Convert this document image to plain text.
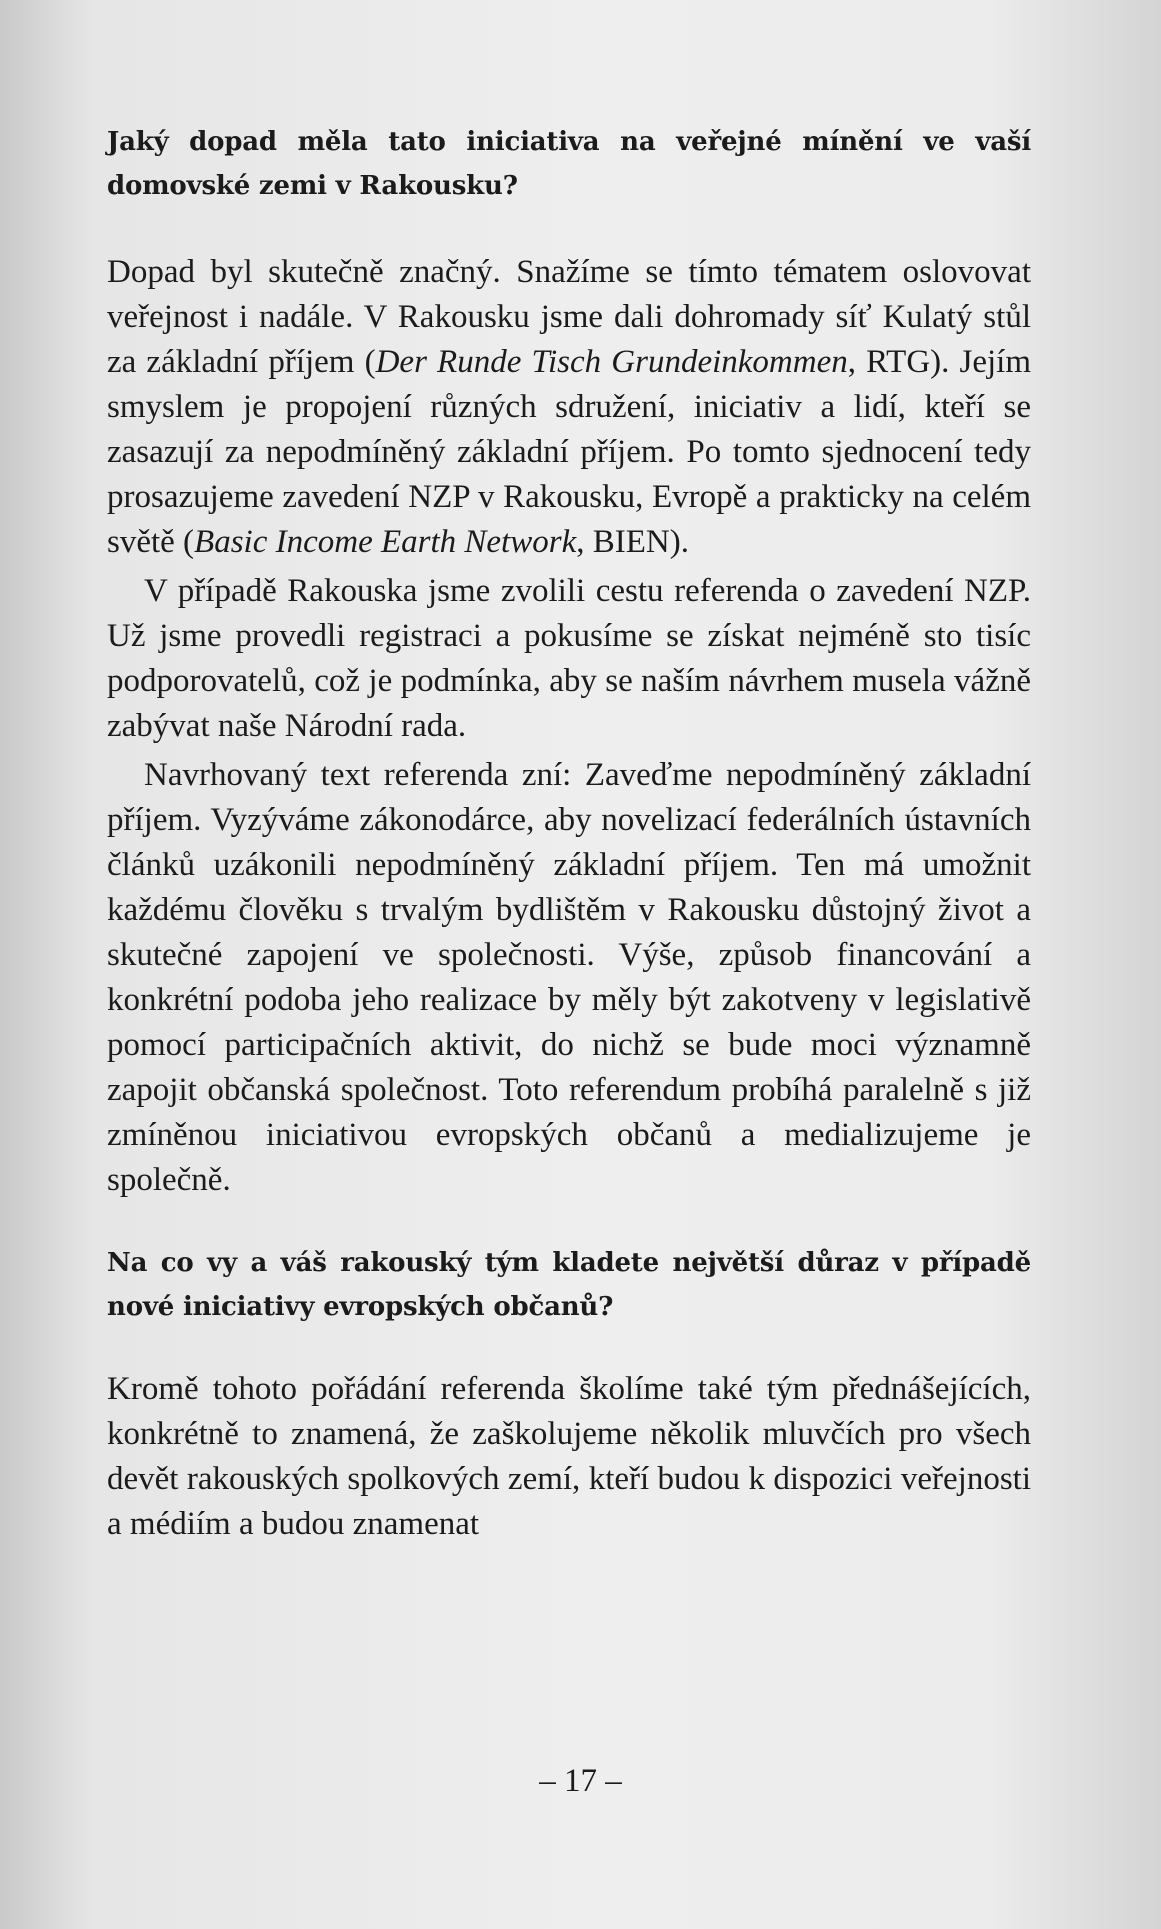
Jaký dopad měla tato iniciativa na veřejné mínění ve vaší domovské zemi v Rakousku?

Dopad byl skutečně značný. Snažíme se tímto tématem oslovovat veřejnost i nadále. V Rakousku jsme dali dohromady síť Kulatý stůl za základní příjem (Der Runde Tisch Grundeinkommen, RTG). Jejím smyslem je propojení různých sdružení, iniciativ a lidí, kteří se zasazují za nepodmíněný základní příjem. Po tomto sjednocení tedy prosazujeme zavedení NZP v Rakousku, Evropě a prakticky na celém světě (Basic Income Earth Network, BIEN).

V případě Rakouska jsme zvolili cestu referenda o zavedení NZP. Už jsme provedli registraci a pokusíme se získat nejméně sto tisíc podporovatelů, což je podmínka, aby se naším návrhem musela vážně zabývat naše Národní rada.

Navrhovaný text referenda zní: Zaveďme nepodmíněný základní příjem. Vyzýváme zákonodárce, aby novelizací federálních ústavních článků uzákonili nepodmíněný základní příjem. Ten má umožnit každému člověku s trvalým bydlištěm v Rakousku důstojný život a skutečné zapojení ve společnosti. Výše, způsob financování a konkrétní podoba jeho realizace by měly být zakotveny v legislativě pomocí participačních aktivit, do nichž se bude moci významně zapojit občanská společnost. Toto referendum probíhá paralelně s již zmíněnou iniciativou evropských občanů a medializujeme je společně.

Na co vy a váš rakouský tým kladete největší důraz v případě nové iniciativy evropských občanů?

Kromě tohoto pořádání referenda školíme také tým přednášejících, konkrétně to znamená, že zaškolujeme několik mluvčích pro všech devět rakouských spolkových zemí, kteří budou k dispozici veřejnosti a médiím a budou znamenat

– 17 –
